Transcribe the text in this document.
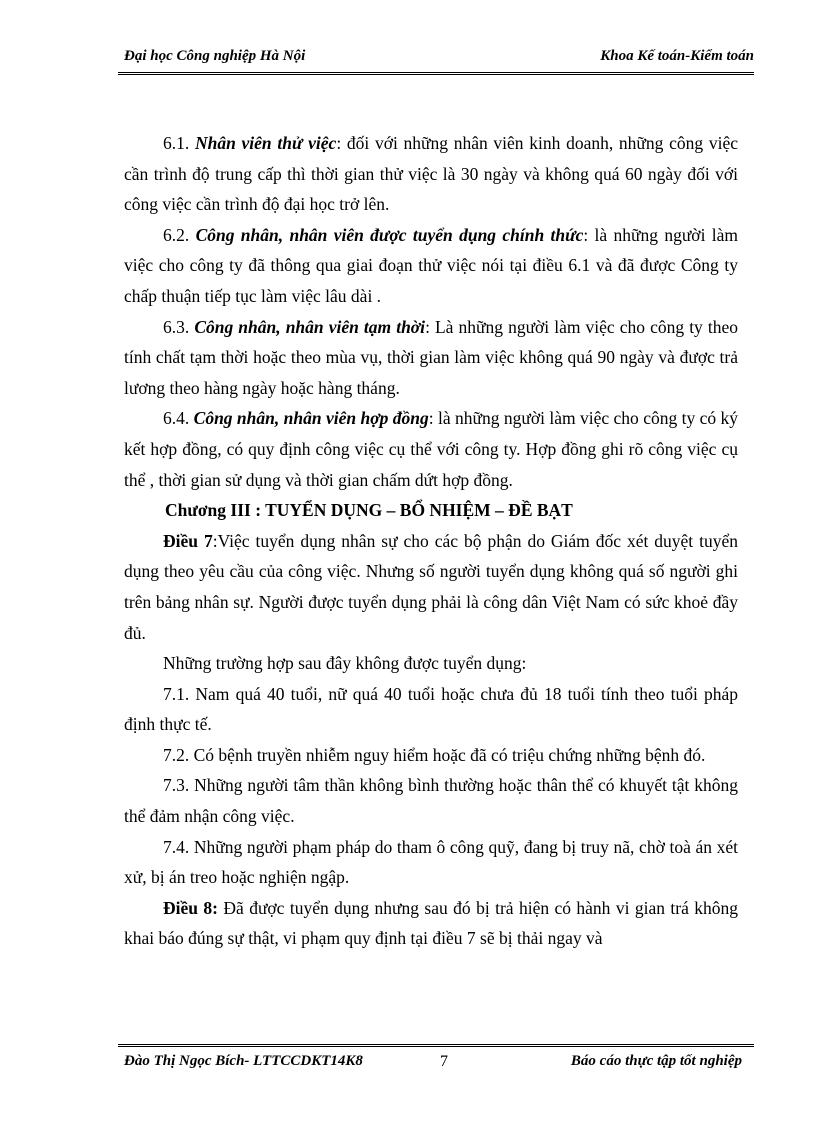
Đại học Công nghiệp Hà Nội	Khoa Kế toán-Kiểm toán

6.1. Nhân viên thử việc: đối với những nhân viên kinh doanh, những công việc cần trình độ trung cấp thì thời gian thử việc là 30 ngày và không quá 60 ngày đối với công việc cần trình độ đại học trở lên.

6.2. Công nhân, nhân viên được tuyển dụng chính thức: là những người làm việc cho công ty đã thông qua giai đoạn thử việc nói tại điều 6.1 và đã được Công ty chấp thuận tiếp tục làm việc lâu dài .

6.3. Công nhân, nhân viên tạm thời: Là những người làm việc cho công ty theo tính chất tạm thời hoặc theo mùa vụ, thời gian làm việc không quá 90 ngày và được trả lương theo hàng ngày hoặc hàng tháng.

6.4. Công nhân, nhân viên hợp đồng: là những người làm việc cho công ty có ký kết hợp đồng, có quy định công việc cụ thể với công ty. Hợp đồng ghi rõ công việc cụ thể , thời gian sử dụng và thời gian chấm dứt hợp đồng.

Chương III : TUYỂN DỤNG – BỔ NHIỆM – ĐỀ BẠT

Điều 7:Việc tuyển dụng nhân sự cho các bộ phận do Giám đốc xét duyệt tuyển dụng theo yêu cầu của công việc. Nhưng số người tuyển dụng không quá số người ghi trên bảng nhân sự. Người được tuyển dụng phải là công dân Việt Nam có sức khoẻ đầy đủ.

Những trường hợp sau đây không được tuyển dụng:

7.1. Nam quá 40 tuổi, nữ quá 40 tuổi hoặc chưa đủ 18 tuổi tính theo tuổi pháp định thực tế.

7.2. Có bệnh truyền nhiễm nguy hiểm hoặc đã có triệu chứng những bệnh đó.

7.3. Những người tâm thần không bình thường hoặc thân thể có khuyết tật không thể đảm nhận công việc.

7.4. Những người phạm pháp do tham ô công quỹ, đang bị truy nã, chờ toà án xét xử, bị án treo hoặc nghiện ngập.

Điều 8: Đã được tuyển dụng nhưng sau đó bị trả hiện có hành vi gian trá không khai báo đúng sự thật, vi phạm quy định tại điều 7 sẽ bị thải ngay và

Đào Thị Ngọc Bích- LTTCCDKT14K8	7	Báo cáo thực tập tốt nghiệp
